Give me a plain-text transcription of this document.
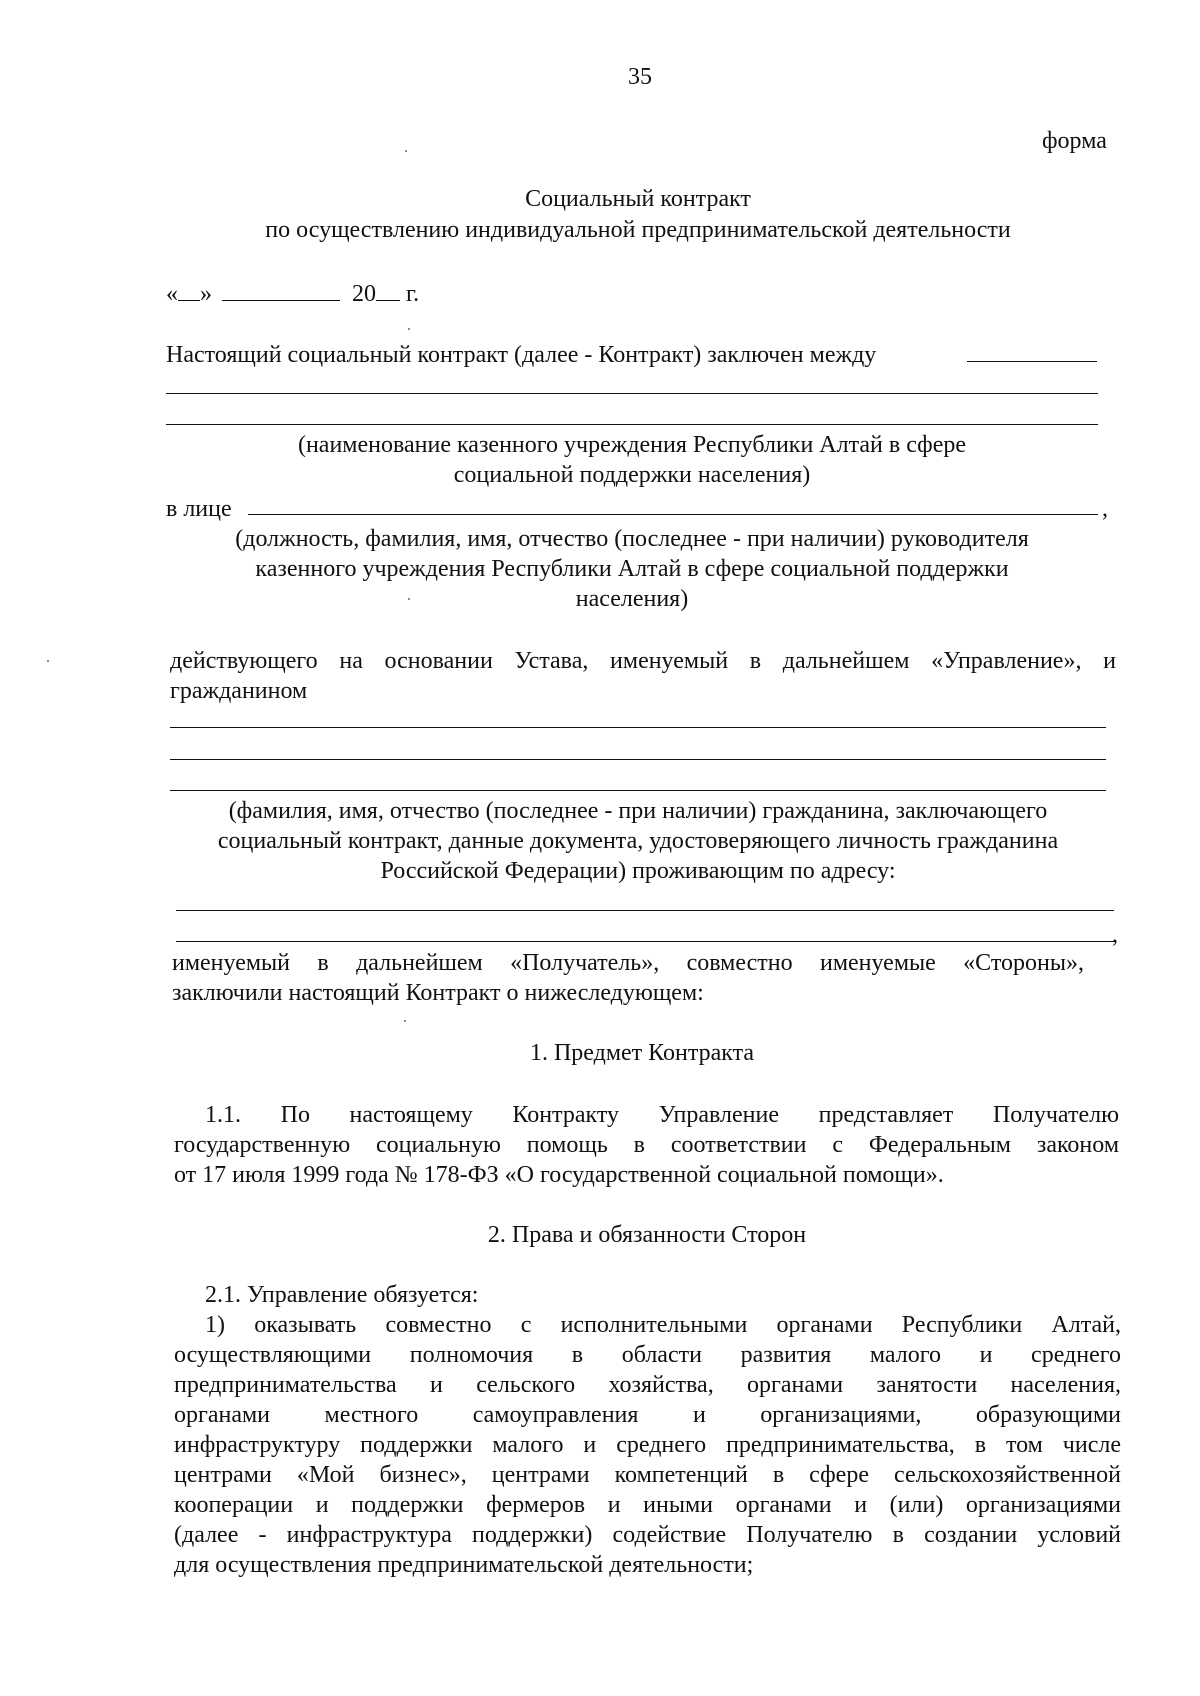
35
форма
Социальный контракт
по осуществлению индивидуальной предпринимательской деятельности
« »	20 г.
Настоящий социальный контракт (далее - Контракт) заключен между
(наименование казенного учреждения Республики Алтай в сфере
социальной поддержки населения)
в лице	,
(должность, фамилия, имя, отчество (последнее - при наличии) руководителя
казенного учреждения Республики Алтай в сфере социальной поддержки
населения)
действующего на основании Устава, именуемый в дальнейшем «Управление», и
гражданином
(фамилия, имя, отчество (последнее - при наличии) гражданина, заключающего
социальный контракт, данные документа, удостоверяющего личность гражданина
Российской Федерации) проживающим по адресу:
,
именуемый в дальнейшем «Получатель», совместно именуемые «Стороны»,
заключили настоящий Контракт о нижеследующем:
1. Предмет Контракта
1.1. По настоящему Контракту Управление представляет Получателю
государственную социальную помощь в соответствии с Федеральным законом
от 17 июля 1999 года № 178-ФЗ «О государственной социальной помощи».
2. Права и обязанности Сторон
2.1. Управление обязуется:
1) оказывать совместно с исполнительными органами Республики Алтай,
осуществляющими полномочия в области развития малого и среднего
предпринимательства и сельского хозяйства, органами занятости населения,
органами местного самоуправления и организациями, образующими
инфраструктуру поддержки малого и среднего предпринимательства, в том числе
центрами «Мой бизнес», центрами компетенций в сфере сельскохозяйственной
кооперации и поддержки фермеров и иными органами и (или) организациями
(далее - инфраструктура поддержки) содействие Получателю в создании условий
для осуществления предпринимательской деятельности;
